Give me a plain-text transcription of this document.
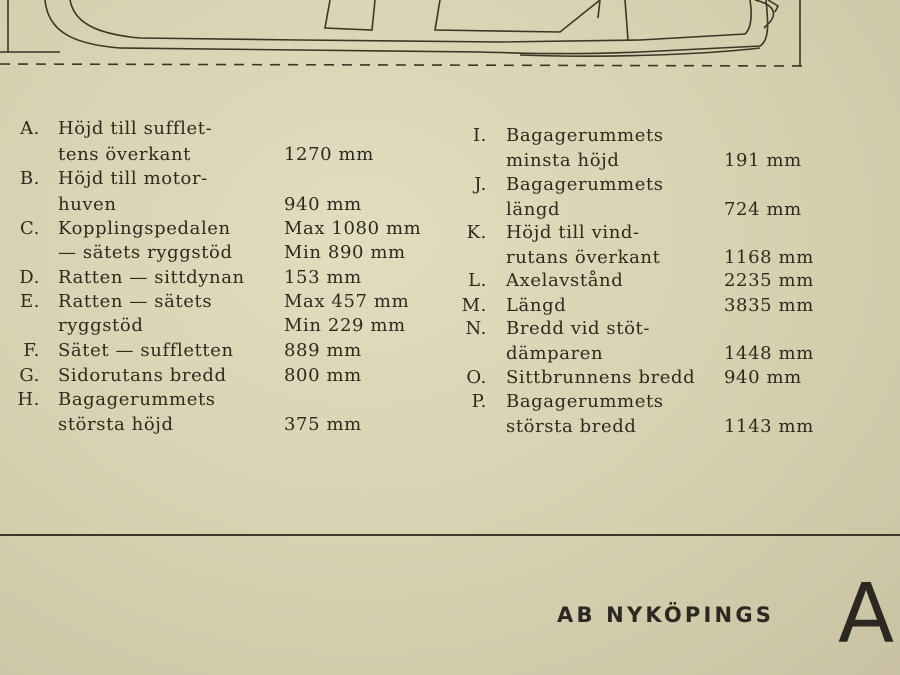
A. Höjd till sufflet-
tens överkant	1270 mm
B. Höjd till motor-
huven	940 mm
C. Kopplingspedalen	Max 1080 mm
— sätets ryggstöd	Min 890 mm
D. Ratten — sittdynan 153 mm
E. Ratten — sätets	Max 457 mm
ryggstöd	Min 229 mm
F. Sätet — suffletten	889 mm
G. Sidorutans bredd	800 mm
H. Bagagerummets
största höjd	375 mm
I. Bagagerummets
minsta höjd	191 mm
J. Bagagerummets
längd	724 mm
K. Höjd till vind-
rutans överkant	1168 mm
L. Axelavstånd	2235 mm
M. Längd	3835 mm
N. Bredd vid stöt-
dämparen	1448 mm
O. Sittbrunnens bredd 940 mm
P. Bagagerummets
största bredd	1143 mm
AB NYKÖPINGS A
